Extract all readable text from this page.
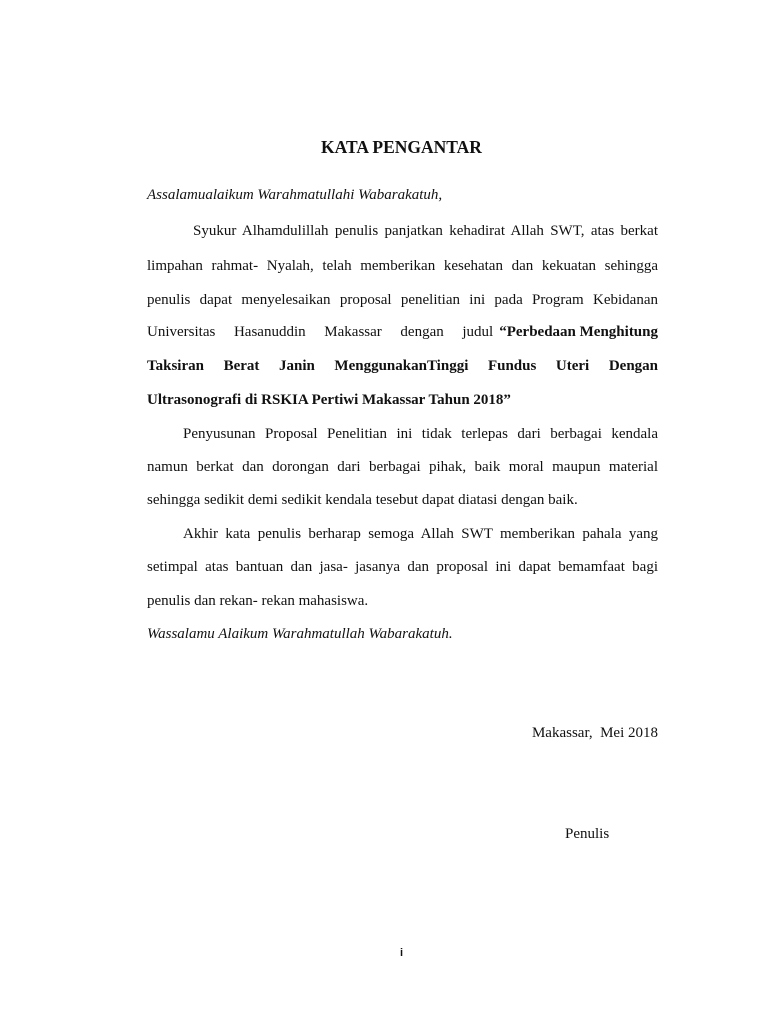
KATA PENGANTAR
Assalamualaikum Warahmatullahi Wabarakatuh,
Syukur Alhamdulillah penulis panjatkan kehadirat Allah SWT, atas berkat
limpahan rahmat- Nyalah, telah memberikan kesehatan dan kekuatan sehingga
penulis dapat menyelesaikan proposal penelitian ini pada Program Kebidanan
Universitas Hasanuddin Makassar dengan judul “Perbedaan Menghitung
Taksiran Berat Janin MenggunakanTinggi Fundus Uteri Dengan
Ultrasonografi di RSKIA Pertiwi Makassar Tahun 2018”
Penyusunan Proposal Penelitian ini tidak terlepas dari berbagai kendala
namun berkat dan dorongan dari berbagai pihak, baik moral maupun material
sehingga sedikit demi sedikit kendala tesebut dapat diatasi dengan baik.
Akhir kata penulis berharap semoga Allah SWT memberikan pahala yang
setimpal atas bantuan dan jasa- jasanya dan proposal ini dapat bemamfaat bagi
penulis dan rekan- rekan mahasiswa.
Wassalamu Alaikum Warahmatullah Wabarakatuh.
Makassar,  Mei 2018
Penulis
i
